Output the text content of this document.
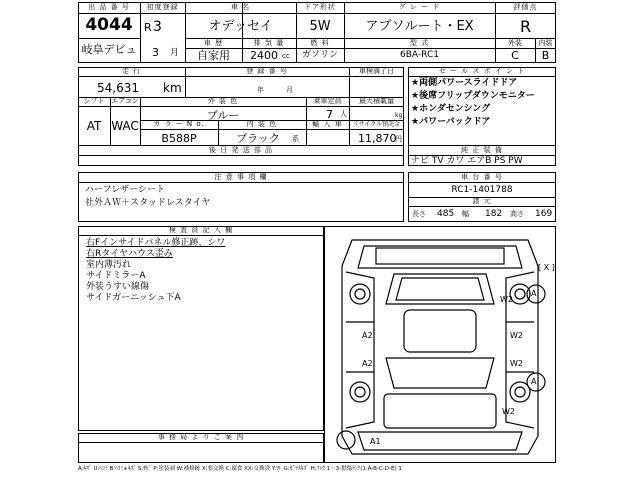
出 品 番 号
4044
岐阜デビュ
初度登録
R 3
3 月
車 名
オデッセイ
車 歴
自家用
排 気 量
2400 cc
ドア形状
5W
燃 料
ガソリン
グ レ ー ド
アブソルート・EX
型 式
6BA-RC1
評価点
R
外装	内装
C	B
走 行
54,631 km
登 録 番 号
年	月
車検満了日
シフト エアコン
AT WAC
外 装 色
ブルー
乗車定員
7 人
最大積載量
kg
カ ラ ー N o.
B588P
内 装 色
ブラック	系
輸 入 車	リサイクル預託金
11,870
円
後 日 発 送 部 品
セ ー ル ス ポ イ ン ト
★両側パワースライドドア
★後席フリップダウンモニター
★ホンダセンシング
★パワーバックドア
純 正 装 備
ナビ TV カワ エアB PS PW
注 意 事 項 欄
ハーフレザーシート
社外ＡＷ＋スタッドレスタイヤ
車 台 番 号
RC1-1401788
諸 元
長さ 485 幅 182 高さ 169
検 査 員 記 入 欄
右Fインサイドパネル修正跡、シワ
右Rタイヤハウス歪み
室内薄汚れ
サイドミラーA
外装うすい線傷
サイドガーニッシュ下A
事 務 局 よ り ご 案 内
[ X ]
W2
A
A2	W2
A2	W2
A
W2
A1
A:ｷｽﾞ U:ﾍｺﾐ B:ﾍｺﾐ+ｷｽﾞ S:ｻﾋﾞ P:塗装剥 W:補修跡 X:要交換 C:腐食 XX:交換済 Y:ﾜﾚ G:ｶﾞﾗｽｷｽﾞ H:ﾌｯｸ 1〜3:損傷ﾗﾝｸ(1:A-B-C-D-E) 1
